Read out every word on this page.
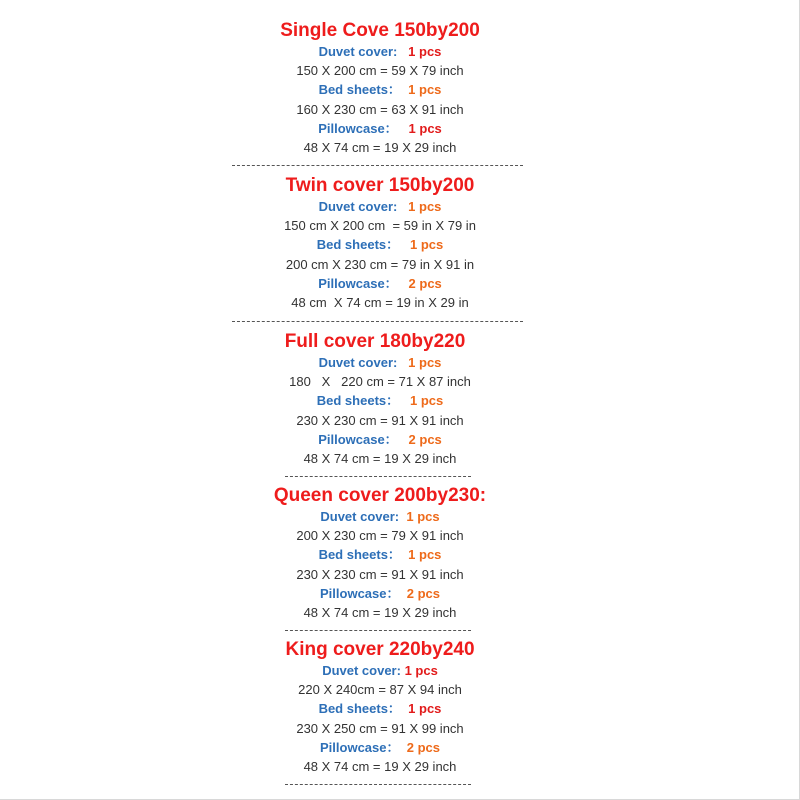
Single Cove 150by200
Duvet cover: 1 pcs
150 X 200 cm = 59 X 79 inch
Bed sheets： 1 pcs
160 X 230 cm = 63 X 91 inch
Pillowcase： 1 pcs
48 X 74 cm = 19 X 29 inch
Twin cover 150by200
Duvet cover: 1 pcs
150 cm X 200 cm  = 59 in X 79 in
Bed sheets： 1 pcs
200 cm X 230 cm = 79 in X 91 in
Pillowcase： 2 pcs
48 cm  X 74 cm = 19 in X 29 in
Full cover 180by220
Duvet cover: 1 pcs
180   X   220 cm = 71 X 87 inch
Bed sheets： 1 pcs
230 X 230 cm = 91 X 91 inch
Pillowcase： 2 pcs
48 X 74 cm = 19 X 29 inch
Queen cover 200by230:
Duvet cover: 1 pcs
200 X 230 cm = 79 X 91 inch
Bed sheets： 1 pcs
230 X 230 cm = 91 X 91 inch
Pillowcase： 2 pcs
48 X 74 cm = 19 X 29 inch
King cover 220by240
Duvet cover: 1 pcs
220 X 240cm = 87 X 94 inch
Bed sheets： 1 pcs
230 X 250 cm = 91 X 99 inch
Pillowcase： 2 pcs
48 X 74 cm = 19 X 29 inch
